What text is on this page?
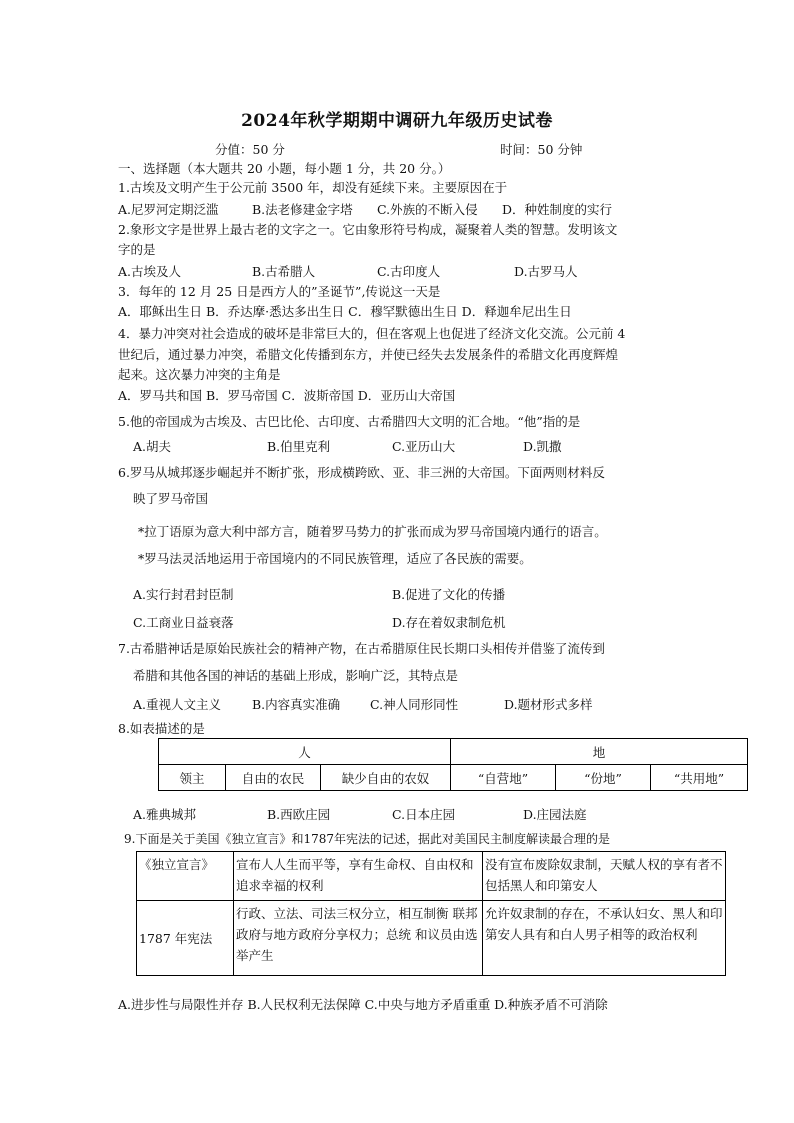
2024年秋学期期中调研九年级历史试卷
分值：50 分	时间：50 分钟
一、选择题（本大题共 20 小题，每小题 1 分，共 20 分。）
1.古埃及文明产生于公元前 3500 年，却没有延续下来。主要原因在于
A.尼罗河定期泛滥	B.法老修建金字塔 C.外族的不断入侵 D．种姓制度的实行
2.象形文字是世界上最古老的文字之一。它由象形符号构成，凝聚着人类的智慧。发明该文
字的是
A.古埃及人	B.古希腊人	C.古印度人	D.古罗马人
3．每年的 12 月 25 日是西方人的”圣诞节”,传说这一天是
A．耶稣出生日 B．乔达摩·悉达多出生日 C．穆罕默德出生日 D．释迦牟尼出生日
4．暴力冲突对社会造成的破坏是非常巨大的，但在客观上也促进了经济文化交流。公元前 4
世纪后，通过暴力冲突，希腊文化传播到东方，并使已经失去发展条件的希腊文化再度辉煌
起来。这次暴力冲突的主角是
A．罗马共和国 B．罗马帝国 C．波斯帝国 D．亚历山大帝国
5.他的帝国成为古埃及、古巴比伦、古印度、古希腊四大文明的汇合地。“他”指的是
A.胡夫	B.伯里克利	C.亚历山大	D.凯撒
6.罗马从城邦逐步崛起并不断扩张，形成横跨欧、亚、非三洲的大帝国。下面两则材料反
映了罗马帝国
*拉丁语原为意大利中部方言，随着罗马势力的扩张而成为罗马帝国境内通行的语言。
*罗马法灵活地运用于帝国境内的不同民族管理，适应了各民族的需要。
A.实行封君封臣制	B.促进了文化的传播
C.工商业日益衰落	D.存在着奴隶制危机
7.古希腊神话是原始民族社会的精神产物，在古希腊原住民长期口头相传并借鉴了流传到
希腊和其他各国的神话的基础上形成，影响广泛，其特点是
A.重视人文主义 B.内容真实准确 C.神人同形同性	D.题材形式多样
8.如表描述的是
人			地		
领主	自由的农民	缺少自由的农奴	“自营地”	“份地”	“共用地”
A.雅典城邦	B.西欧庄园	C.日本庄园	D.庄园法庭
9.下面是关于美国《独立宣言》和1787年宪法的记述，据此对美国民主制度解读最合理的是
《独立宣言》	宣布人人生而平等，享有生命权、自由权和追求幸福的权利	没有宣布废除奴隶制，天赋人权的享有者不包括黑人和印第安人
1787 年宪法	行政、立法、司法三权分立，相互制衡 联邦政府与地方政府分享权力；总统 和议员由选举产生	允许奴隶制的存在，不承认妇女、黑人和印第安人具有和白人男子相等的政治权利
A.进步性与局限性并存 B.人民权利无法保障 C.中央与地方矛盾重重 D.种族矛盾不可消除
